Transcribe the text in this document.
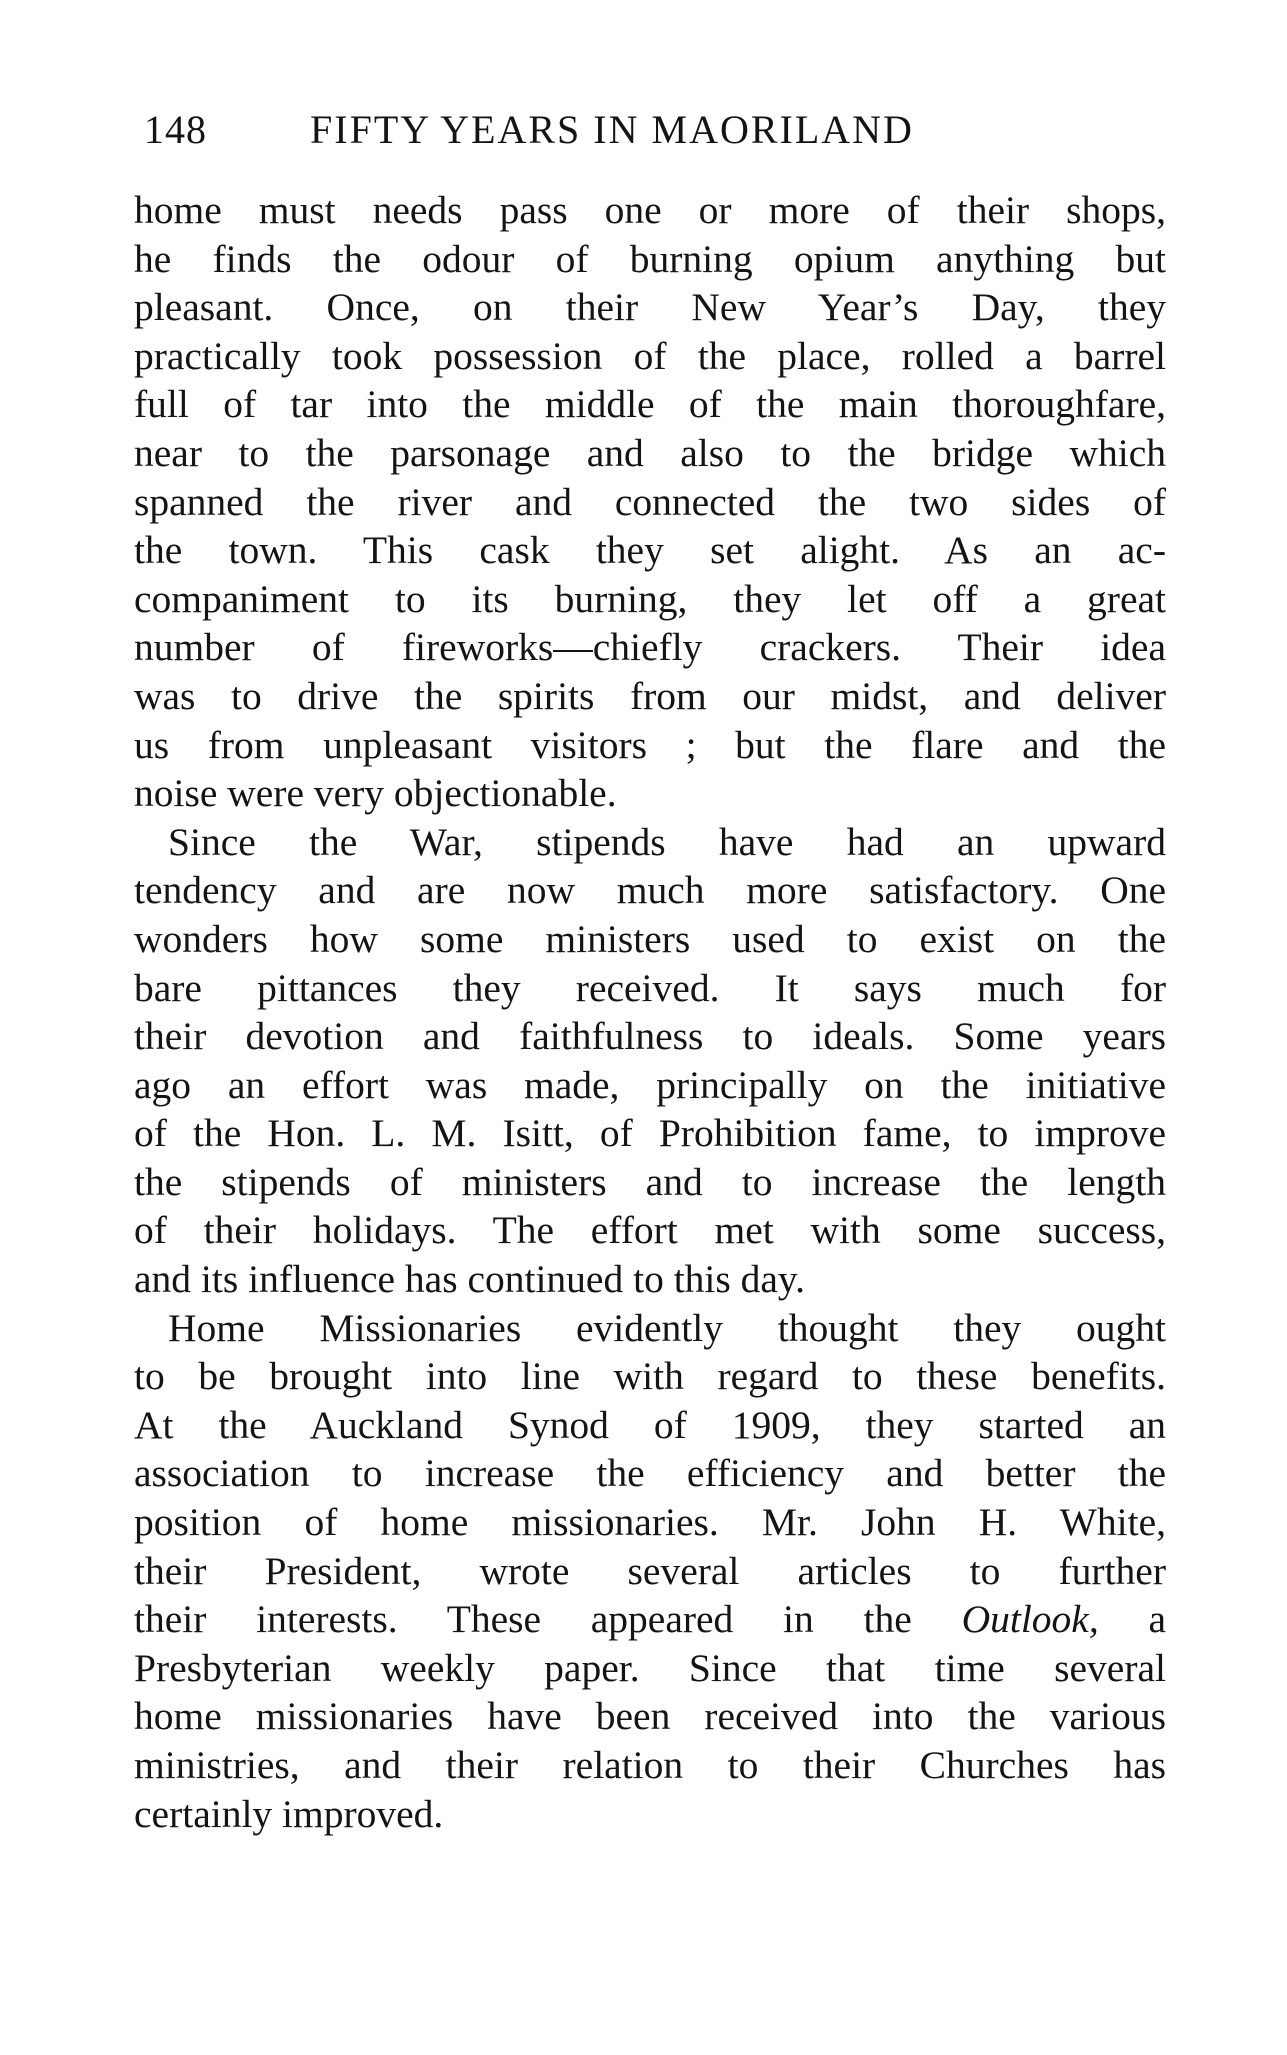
148	FIFTY YEARS IN MAORILAND
home must needs pass one or more of their shops,
he finds the odour of burning opium anything but
pleasant. Once, on their New Year’s Day, they
practically took possession of the place, rolled a barrel
full of tar into the middle of the main thoroughfare,
near to the parsonage and also to the bridge which
spanned the river and connected the two sides of
the town. This cask they set alight. As an ac-
companiment to its burning, they let off a great
number of fireworks—chiefly crackers. Their idea
was to drive the spirits from our midst, and deliver
us from unpleasant visitors ; but the flare and the
noise were very objectionable.
Since the War, stipends have had an upward
tendency and are now much more satisfactory. One
wonders how some ministers used to exist on the
bare pittances they received. It says much for
their devotion and faithfulness to ideals. Some years
ago an effort was made, principally on the initiative
of the Hon. L. M. Isitt, of Prohibition fame, to improve
the stipends of ministers and to increase the length
of their holidays. The effort met with some success,
and its influence has continued to this day.
Home Missionaries evidently thought they ought
to be brought into line with regard to these benefits.
At the Auckland Synod of 1909, they started an
association to increase the efficiency and better the
position of home missionaries. Mr. John H. White,
their President, wrote several articles to further
their interests. These appeared in the Outlook, a
Presbyterian weekly paper. Since that time several
home missionaries have been received into the various
ministries, and their relation to their Churches has
certainly improved.
